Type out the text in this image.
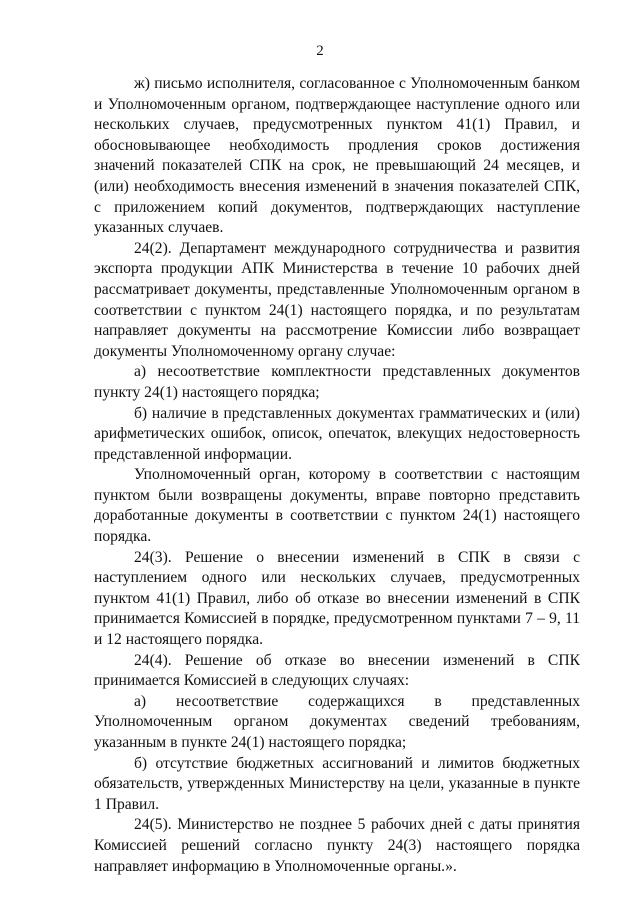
2

ж) письмо исполнителя, согласованное с Уполномоченным банком и Уполномоченным органом, подтверждающее наступление одного или нескольких случаев, предусмотренных пунктом 41(1) Правил, и обосновывающее необходимость продления сроков достижения значений показателей СПК на срок, не превышающий 24 месяцев, и (или) необходимость внесения изменений в значения показателей СПК, с приложением копий документов, подтверждающих наступление указанных случаев.

24(2). Департамент международного сотрудничества и развития экспорта продукции АПК Министерства в течение 10 рабочих дней рассматривает документы, представленные Уполномоченным органом в соответствии с пунктом 24(1) настоящего порядка, и по результатам направляет документы на рассмотрение Комиссии либо возвращает документы Уполномоченному органу случае:

а) несоответствие комплектности представленных документов пункту 24(1) настоящего порядка;

б) наличие в представленных документах грамматических и (или) арифметических ошибок, описок, опечаток, влекущих недостоверность представленной информации.

Уполномоченный орган, которому в соответствии с настоящим пунктом были возвращены документы, вправе повторно представить доработанные документы в соответствии с пунктом 24(1) настоящего порядка.

24(3). Решение о внесении изменений в СПК в связи с наступлением одного или нескольких случаев, предусмотренных пунктом 41(1) Правил, либо об отказе во внесении изменений в СПК принимается Комиссией в порядке, предусмотренном пунктами 7 – 9, 11 и 12 настоящего порядка.

24(4). Решение об отказе во внесении изменений в СПК принимается Комиссией в следующих случаях:

а) несоответствие содержащихся в представленных Уполномоченным органом документах сведений требованиям, указанным в пункте 24(1) настоящего порядка;

б) отсутствие бюджетных ассигнований и лимитов бюджетных обязательств, утвержденных Министерству на цели, указанные в пункте 1 Правил.

24(5). Министерство не позднее 5 рабочих дней с даты принятия Комиссией решений согласно пункту 24(3) настоящего порядка направляет информацию в Уполномоченные органы.».
